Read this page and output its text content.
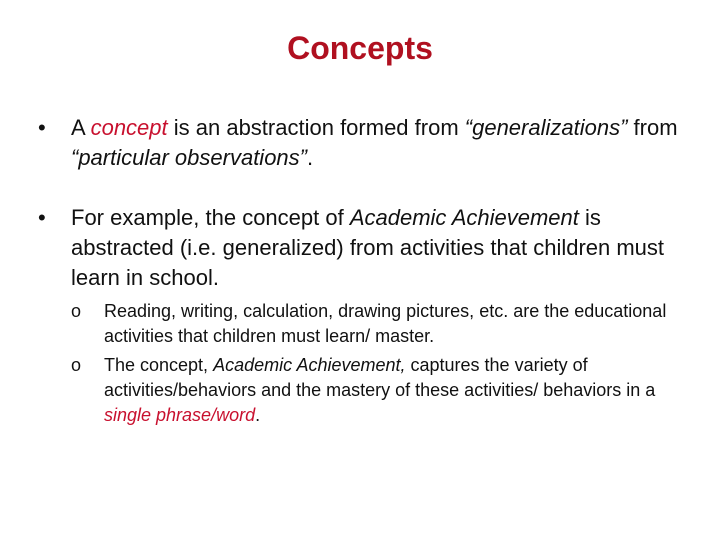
Concepts
•	A concept is an abstraction formed from “generalizations” from “particular observations”.
•	For example, the concept of Academic Achievement is abstracted (i.e. generalized) from activities that children must learn in school.
o	Reading, writing, calculation, drawing pictures, etc. are the educational activities that children must learn/ master.
o	The concept, Academic Achievement, captures the variety of activities/behaviors and the mastery of these activities/ behaviors in a single phrase/word.
